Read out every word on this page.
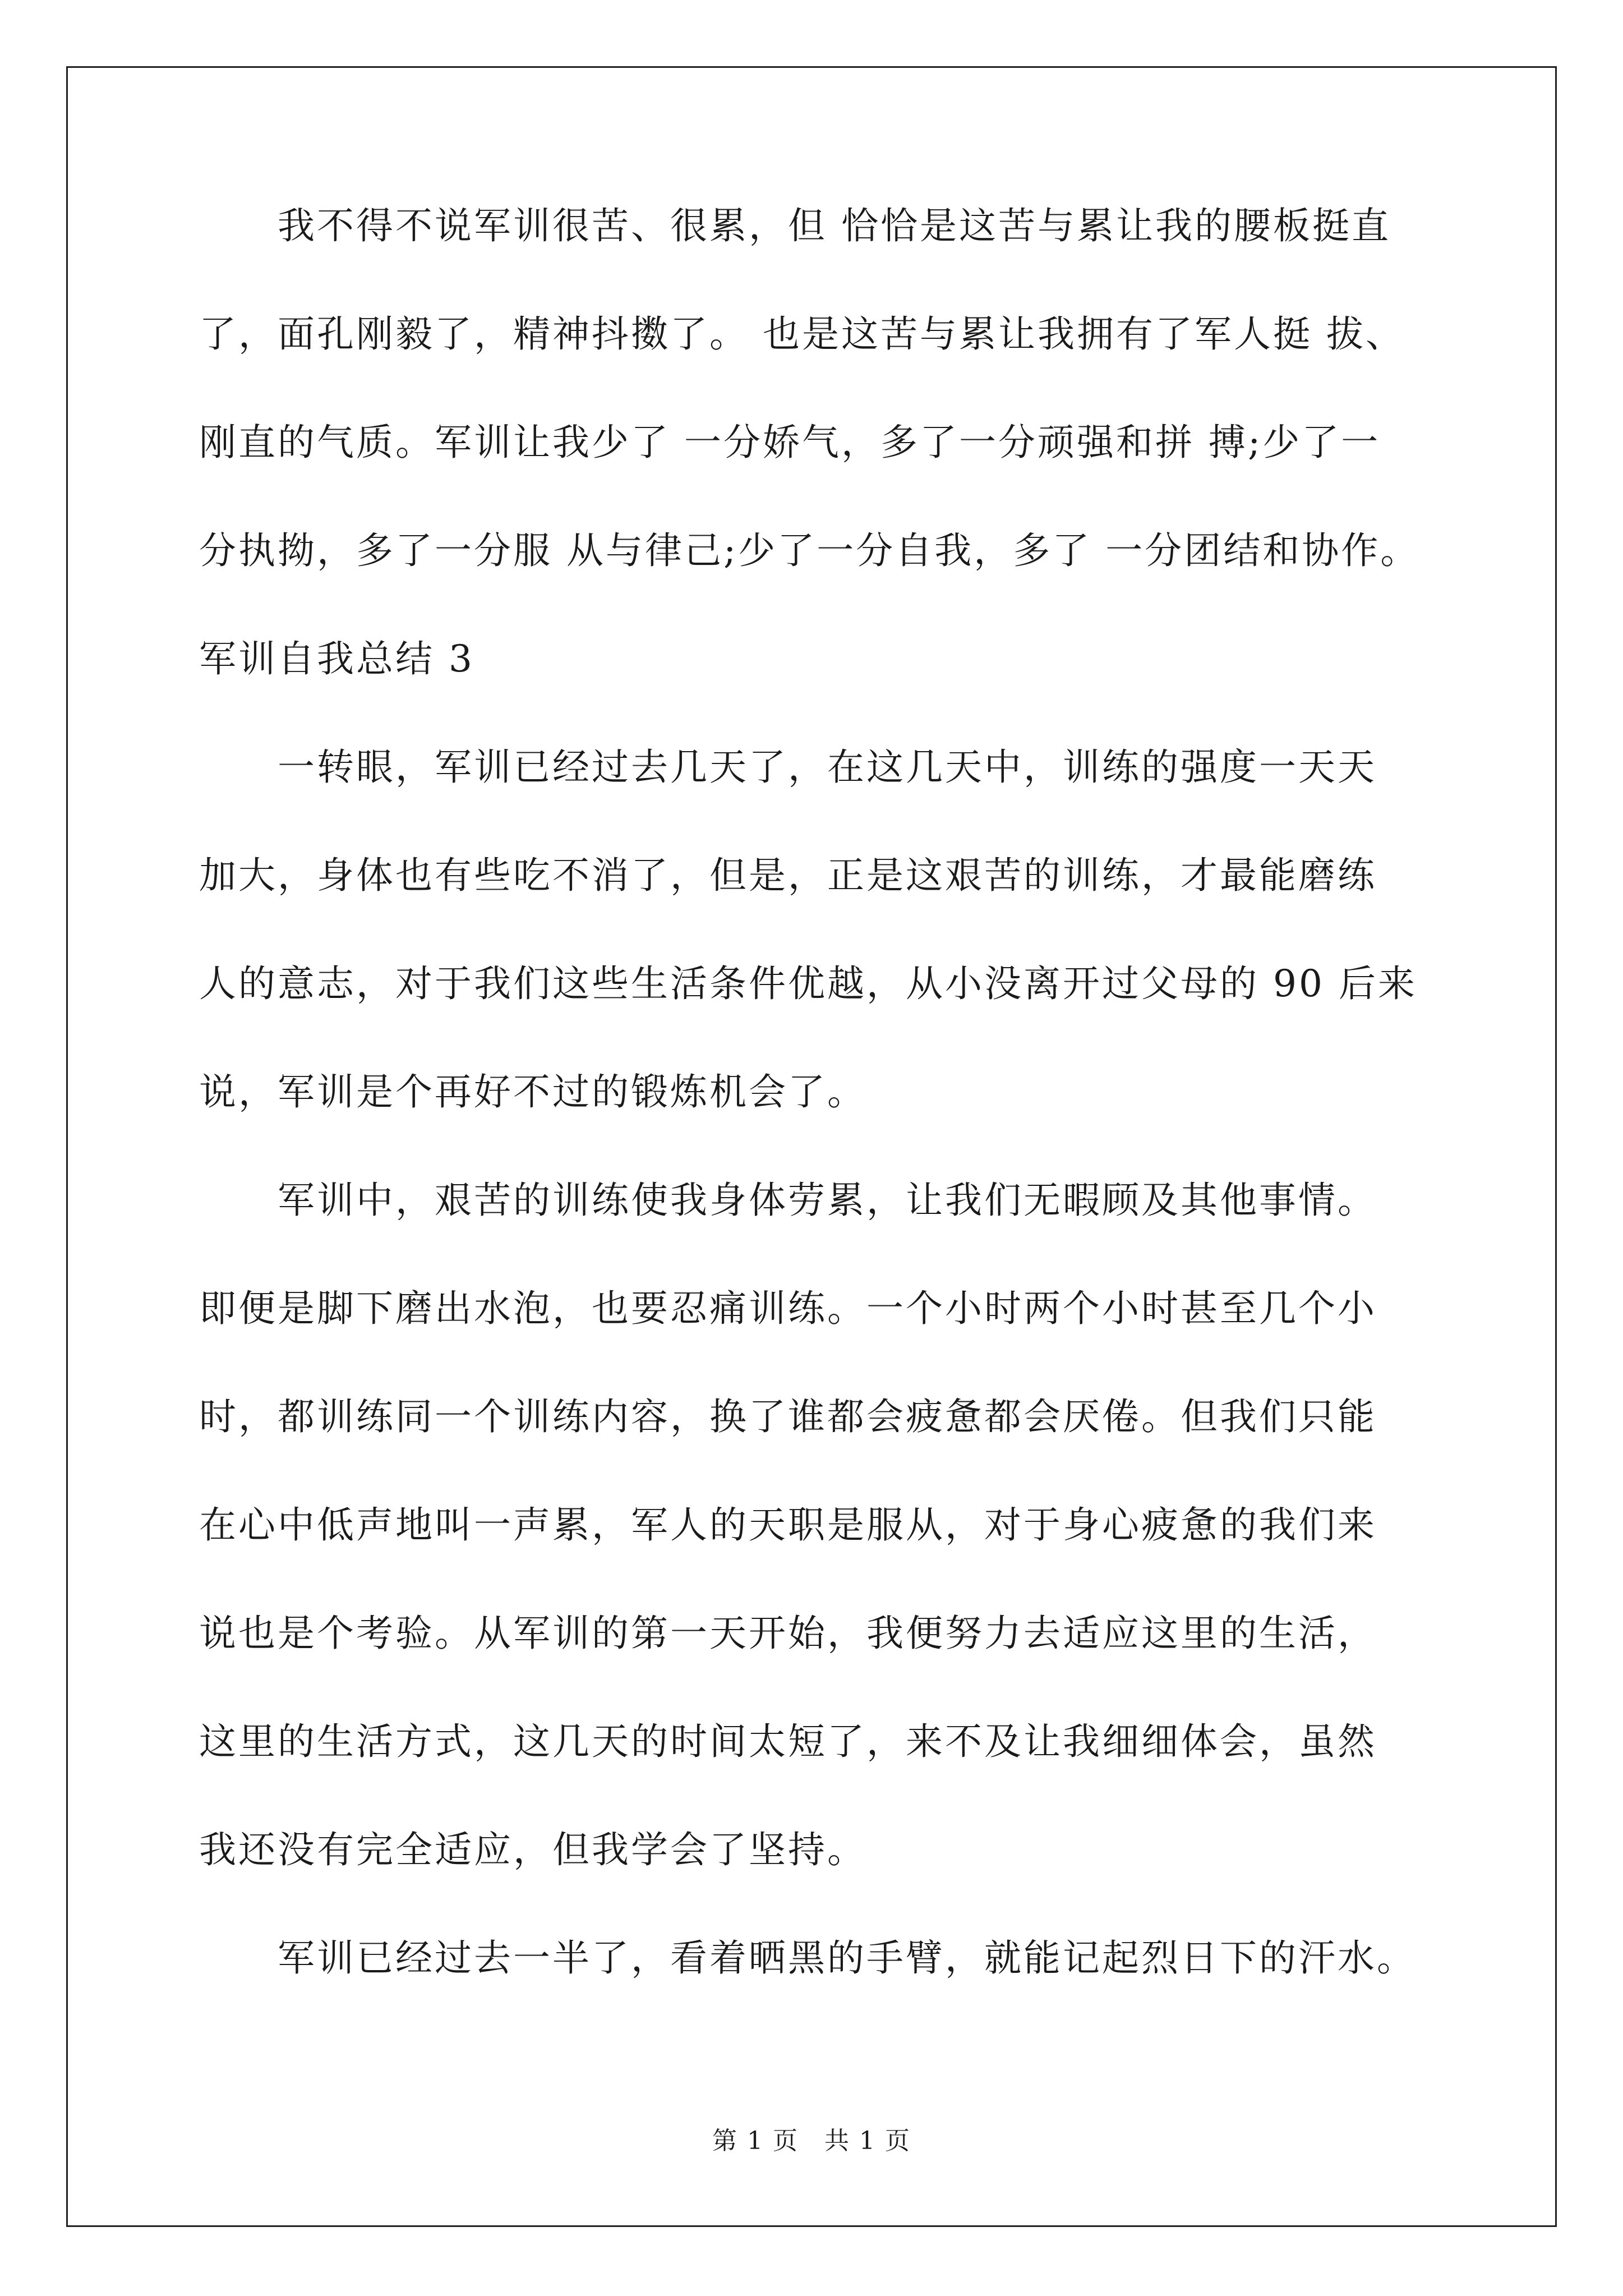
　　我不得不说军训很苦、很累，但 恰恰是这苦与累让我的腰板挺直
了，面孔刚毅了，精神抖擞了。 也是这苦与累让我拥有了军人挺 拔、
刚直的气质。军训让我少了 一分娇气，多了一分顽强和拼 搏;少了一
分执拗，多了一分服 从与律己;少了一分自我，多了 一分团结和协作。
军训自我总结 3
　　一转眼，军训已经过去几天了，在这几天中，训练的强度一天天
加大，身体也有些吃不消了，但是，正是这艰苦的训练，才最能磨练
人的意志，对于我们这些生活条件优越，从小没离开过父母的 90 后来
说，军训是个再好不过的锻炼机会了。
　　军训中，艰苦的训练使我身体劳累，让我们无暇顾及其他事情。
即便是脚下磨出水泡，也要忍痛训练。一个小时两个小时甚至几个小
时，都训练同一个训练内容，换了谁都会疲惫都会厌倦。但我们只能
在心中低声地叫一声累，军人的天职是服从，对于身心疲惫的我们来
说也是个考验。从军训的第一天开始，我便努力去适应这里的生活，
这里的生活方式，这几天的时间太短了，来不及让我细细体会，虽然
我还没有完全适应，但我学会了坚持。
　　军训已经过去一半了，看着晒黑的手臂，就能记起烈日下的汗水。
第 1 页　共 1 页
